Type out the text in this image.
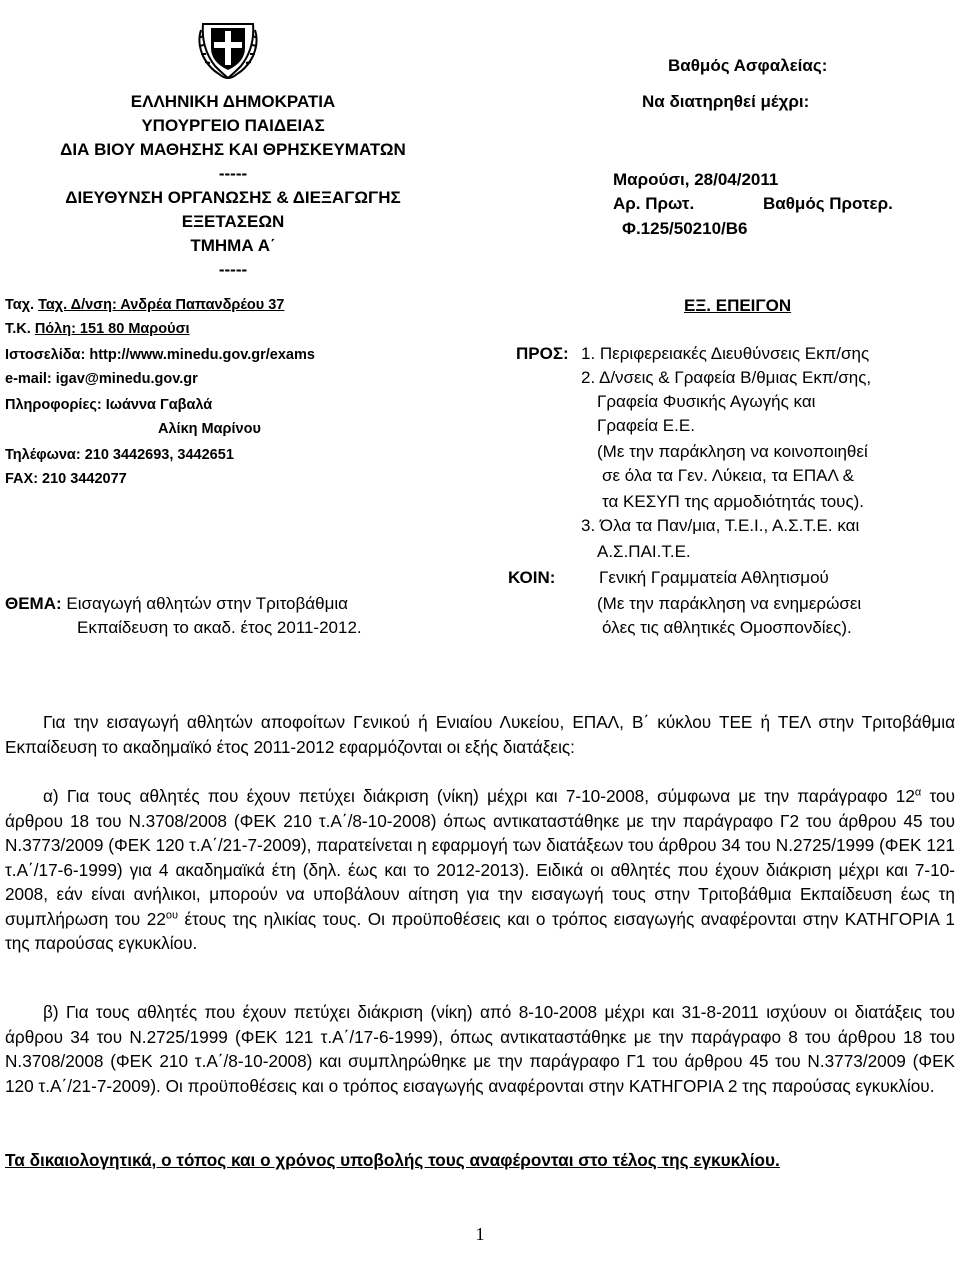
ΕΛΛΗΝΙΚΗ ΔΗΜΟΚΡΑΤΙΑ
ΥΠΟΥΡΓΕΙΟ ΠΑΙΔΕΙΑΣ
ΔΙΑ ΒΙΟΥ ΜΑΘΗΣΗΣ ΚΑΙ ΘΡΗΣΚΕΥΜΑΤΩΝ
-----
ΔΙΕΥΘΥΝΣΗ ΟΡΓΑΝΩΣΗΣ & ΔΙΕΞΑΓΩΓΗΣ
ΕΞΕΤΑΣΕΩΝ
ΤΜΗΜΑ Α΄
-----
Ταχ. Ταχ. Δ/νση: Ανδρέα Παπανδρέου 37
Τ.Κ. Πόλη: 151 80 Μαρούσι
Ιστοσελίδα: http://www.minedu.gov.gr/exams
e-mail: igav@minedu.gov.gr
Πληροφορίες: Ιωάννα Γαβαλά
Αλίκη Μαρίνου
Τηλέφωνα: 210 3442693, 3442651
FAX: 210 3442077
ΘΕΜΑ: Εισαγωγή αθλητών στην Τριτοβάθμια
Εκπαίδευση το ακαδ. έτος 2011-2012.
Βαθμός Ασφαλείας:
Να διατηρηθεί μέχρι:
Μαρούσι, 28/04/2011
Αρ. Πρωτ.	Βαθμός Προτερ.
Φ.125/50210/Β6
ΕΞ. ΕΠΕΙΓΟΝ
ΠΡΟΣ: 1. Περιφερειακές Διευθύνσεις Εκπ/σης
2. Δ/νσεις & Γραφεία Β/θμιας Εκπ/σης,
Γραφεία Φυσικής Αγωγής και
Γραφεία Ε.Ε.
(Με την παράκληση να κοινοποιηθεί
σε όλα τα Γεν. Λύκεια, τα ΕΠΑΛ &
τα ΚΕΣΥΠ της αρμοδιότητάς τους).
3. Όλα τα Παν/μια, Τ.Ε.Ι., Α.Σ.Τ.Ε. και
Α.Σ.ΠΑΙ.Τ.Ε.
ΚΟΙΝ:	Γενική Γραμματεία Αθλητισμού
(Με την παράκληση να ενημερώσει
όλες τις αθλητικές Ομοσπονδίες).

Για την εισαγωγή αθλητών αποφοίτων Γενικού ή Ενιαίου Λυκείου, ΕΠΑΛ, Β΄ κύκλου ΤΕΕ ή ΤΕΛ στην Τριτοβάθμια Εκπαίδευση το ακαδημαϊκό έτος 2011-2012 εφαρμόζονται οι εξής διατάξεις:

α) Για τους αθλητές που έχουν πετύχει διάκριση (νίκη) μέχρι και 7-10-2008, σύμφωνα με την παράγραφο $12^\alpha$ του άρθρου 18 του Ν.3708/2008 (ΦΕΚ 210 τ.Α΄/8-10-2008) όπως αντικαταστάθηκε με την παράγραφο Γ2 του άρθρου 45 του Ν.3773/2009 (ΦΕΚ 120 τ.Α΄/21-7-2009), παρατείνεται η εφαρμογή των διατάξεων του άρθρου 34 του Ν.2725/1999 (ΦΕΚ 121 τ.Α΄/17-6-1999) για 4 ακαδημαϊκά έτη (δηλ. έως και το 2012-2013). Ειδικά οι αθλητές που έχουν διάκριση μέχρι και 7-10-2008, εάν είναι ανήλικοι, μπορούν να υποβάλουν αίτηση για την εισαγωγή τους στην Τριτοβάθμια Εκπαίδευση έως τη συμπλήρωση του $22^{o\upsilon}$ έτους της ηλικίας τους. Οι προϋποθέσεις και ο τρόπος εισαγωγής αναφέρονται στην ΚΑΤΗΓΟΡΙΑ 1 της παρούσας εγκυκλίου.

β) Για τους αθλητές που έχουν πετύχει διάκριση (νίκη) από 8-10-2008 μέχρι και 31-8-2011 ισχύουν οι διατάξεις του άρθρου 34 του Ν.2725/1999 (ΦΕΚ 121 τ.Α΄/17-6-1999), όπως αντικαταστάθηκε με την παράγραφο 8 του άρθρου 18 του Ν.3708/2008 (ΦΕΚ 210 τ.Α΄/8-10-2008) και συμπληρώθηκε με την παράγραφο Γ1 του άρθρου 45 του Ν.3773/2009 (ΦΕΚ 120 τ.Α΄/21-7-2009). Οι προϋποθέσεις και ο τρόπος εισαγωγής αναφέρονται στην ΚΑΤΗΓΟΡΙΑ 2 της παρούσας εγκυκλίου.

Τα δικαιολογητικά, ο τόπος και ο χρόνος υποβολής τους αναφέρονται στο τέλος της εγκυκλίου.

1
